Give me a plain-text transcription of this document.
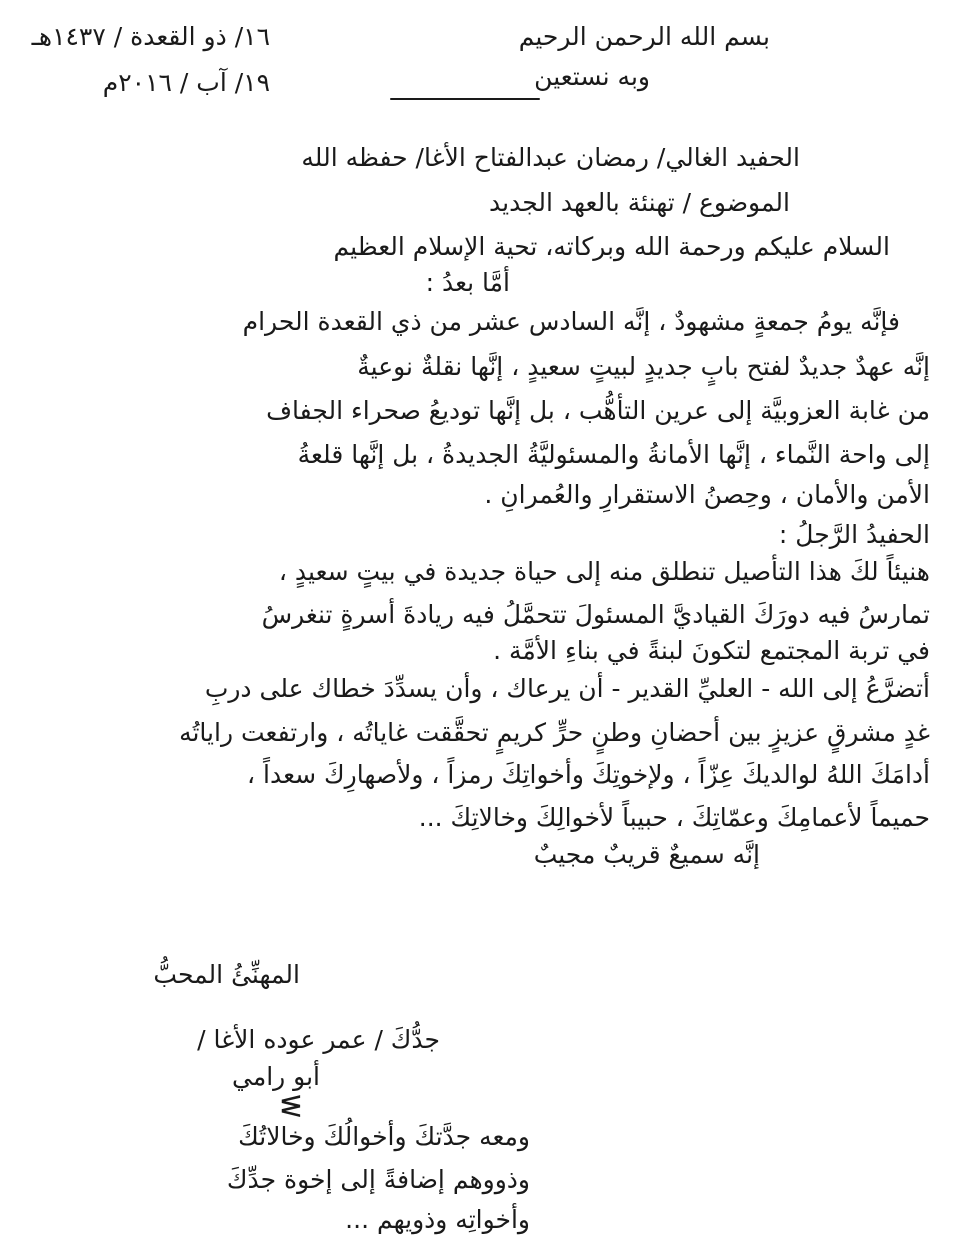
بسم الله الرحمن الرحيم
١٦/ ذو القعدة / ١٤٣٧هـ
وبه نستعين
١٩/ آب / ٢٠١٦م
الحفيد الغالي/ رمضان عبدالفتاح الأغا/ حفظه الله
الموضوع / تهنئة بالعهد الجديد
السلام عليكم ورحمة الله وبركاته، تحية الإسلام العظيم
أمَّا بعدُ :
فإنَّه يومُ جمعةٍ مشهودٌ ، إنَّه السادس عشر من ذي القعدة الحرام
إنَّه عهدٌ جديدٌ لفتح بابٍ جديدٍ لبيتٍ سعيدٍ ، إنَّها نقلةٌ نوعيةٌ
من غابة العزوبيَّة إلى عرين التأهُّب ، بل إنَّها توديعُ صحراء الجفاف
إلى واحة النَّماء ، إنَّها الأمانةُ والمسئوليَّةُ الجديدةُ ، بل إنَّها قلعةُ
الأمن والأمان ، وحِصنُ الاستقرارِ والعُمرانِ .
الحفيدُ الرَّجلُ :
هنيئاً لكَ هذا التأصيل تنطلق منه إلى حياة جديدة في بيتٍ سعيدٍ ،
تمارسُ فيه دورَكَ القياديَّ المسئولَ تتحمَّلُ فيه ريادةَ أسرةٍ تنغرسُ
في تربة المجتمع لتكونَ لبنةً في بناءِ الأمَّة .
أتضرَّعُ إلى الله - العليِّ القدير - أن يرعاك ، وأن يسدِّدَ خطاك على دربِ
غدٍ مشرقٍ عزيزٍ بين أحضانِ وطنٍ حرٍّ كريمٍ تحقَّقت غاياتُه ، وارتفعت راياتُه
أدامَكَ اللهُ لوالديكَ عِزّاً ، ولإخوتِكَ وأخواتِكَ رمزاً ، ولأصهارِكَ سعداً ،
حميماً لأعمامِكَ وعمّاتِكَ ، حبيباً لأخوالِكَ وخالاتِكَ ...
إنَّه سميعٌ قريبٌ مجيبٌ
المهنِّئُ المحبُّ
جدُّكَ / عمر عوده الأغا /
أبو رامي
ᓬ
ومعه جدَّتكَ وأخوالُكَ وخالاتُكَ
وذووهم إضافةً إلى إخوة جدِّكَ
وأخواتِه وذويهم ...
